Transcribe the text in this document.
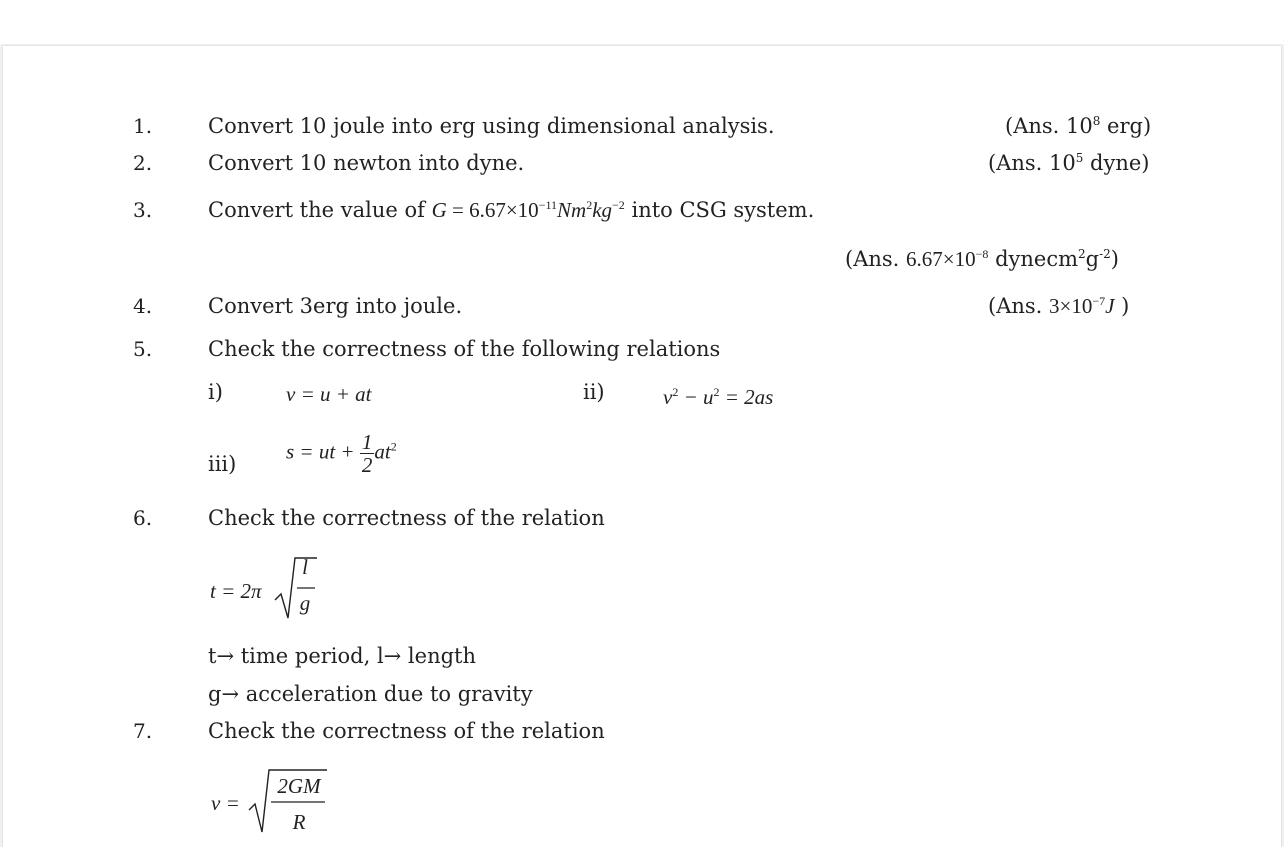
1.	Convert 10 joule into erg using dimensional analysis.	(Ans. $10^8$ erg)
2.	Convert 10 newton into dyne.	(Ans. $10^5$ dyne)
3.	Convert the value of $G = 6.67\times 10^{-11}Nm^2kg^{-2}$ into CSG system.
(Ans. $6.67\times 10^{-8}$ $dynecm^2g^{-2}$)
4.	Convert 3erg into joule.	(Ans. $3\times 10^{-7}J$ )
5.	Check the correctness of the following relations
i)	v = u + at	ii)	$v^2 - u^2 = 2as$
iii)
s = ut + $\frac{1}{2} at^2$
6.	Check the correctness of the relation
t = 2π
l
g
t→ time period, l→ length
g→ acceleration due to gravity
7.	Check the correctness of the relation
v =
2GM
R
